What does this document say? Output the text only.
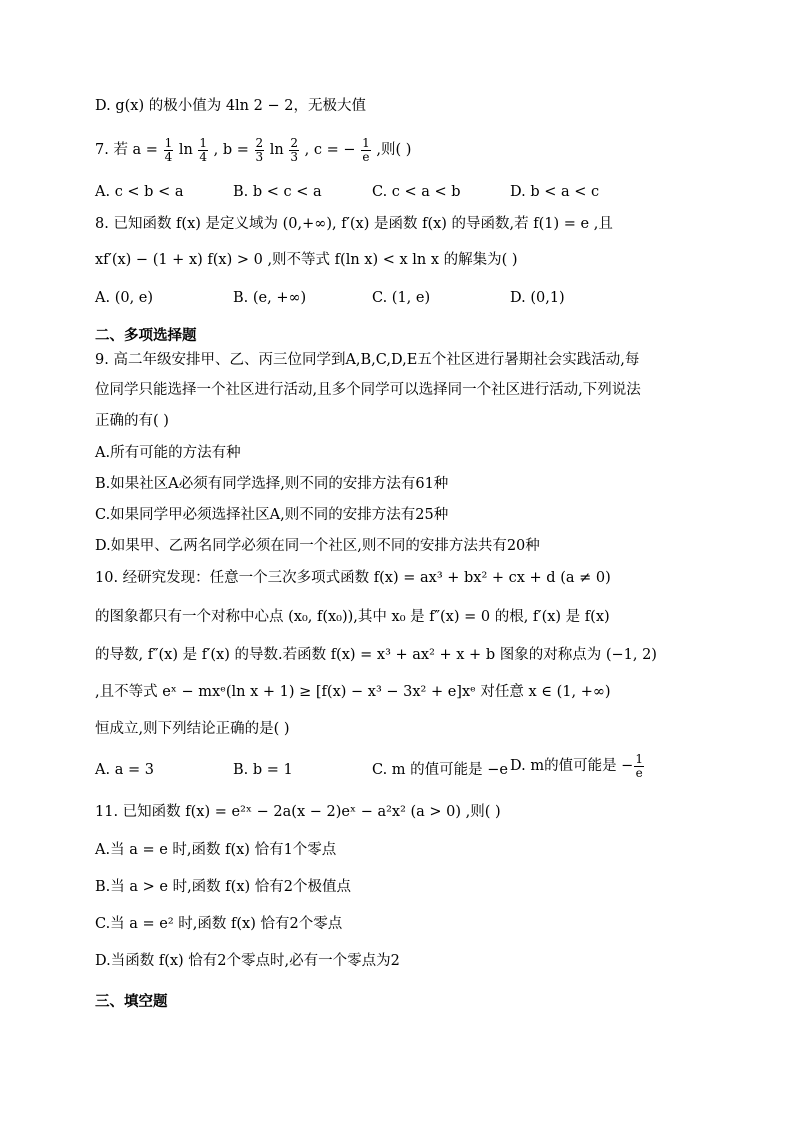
D. g(x) 的极小值为 4ln 2 − 2，无极大值
7. 若 $a = \frac{1}{4}$ $\ln \frac{1}{4}$ , $b = \frac{2}{3}$ $\ln \frac{2}{3}$ , c = − $\frac{1}{e}$ ,则( )
A. c < b < a	B. b < c < a	C. c < a < b	D. b < a < c
8. 已知函数 f(x) 是定义域为 (0,+∞), f′(x) 是函数 f(x) 的导函数,若 f(1) = e ,且
xf′(x) − (1 + x) f(x) > 0 ,则不等式 f(ln x) < x ln x 的解集为( )
A. (0, e)	B. (e, +∞)	C. (1, e)	D. (0,1)
二、多项选择题
9. 高二年级安排甲、乙、丙三位同学到A,B,C,D,E五个社区进行暑期社会实践活动,每
位同学只能选择一个社区进行活动,且多个同学可以选择同一个社区进行活动,下列说法
正确的有( )
A.所有可能的方法有种
B.如果社区A必须有同学选择,则不同的安排方法有61种
C.如果同学甲必须选择社区A,则不同的安排方法有25种
D.如果甲、乙两名同学必须在同一个社区,则不同的安排方法共有20种
10. 经研究发现：任意一个三次多项式函数 f(x) = ax³ + bx² + cx + d (a ≠ 0)
的图象都只有一个对称中心点 (x₀, f(x₀)),其中 x₀ 是 f″(x) = 0 的根, f′(x) 是 f(x)
的导数, f″(x) 是 f′(x) 的导数.若函数 f(x) = x³ + ax² + x + b 图象的对称点为 (−1, 2)
,且不等式 eˣ − mxᵉ(ln x + 1) ≥ [f(x) − x³ − 3x² + e]xᵉ 对任意 x ∈ (1, +∞)
恒成立,则下列结论正确的是( )
A. a = 3	B. b = 1	C. m 的值可能是 −e D. m的值可能是 − $\frac{1}{e}$
11. 已知函数 f(x) = e²ˣ − 2a(x − 2)eˣ − a²x² (a > 0) ,则( )
A.当 a = e 时,函数 f(x) 恰有1个零点
B.当 a > e 时,函数 f(x) 恰有2个极值点
C.当 a = e² 时,函数 f(x) 恰有2个零点
D.当函数 f(x) 恰有2个零点时,必有一个零点为2
三、填空题
